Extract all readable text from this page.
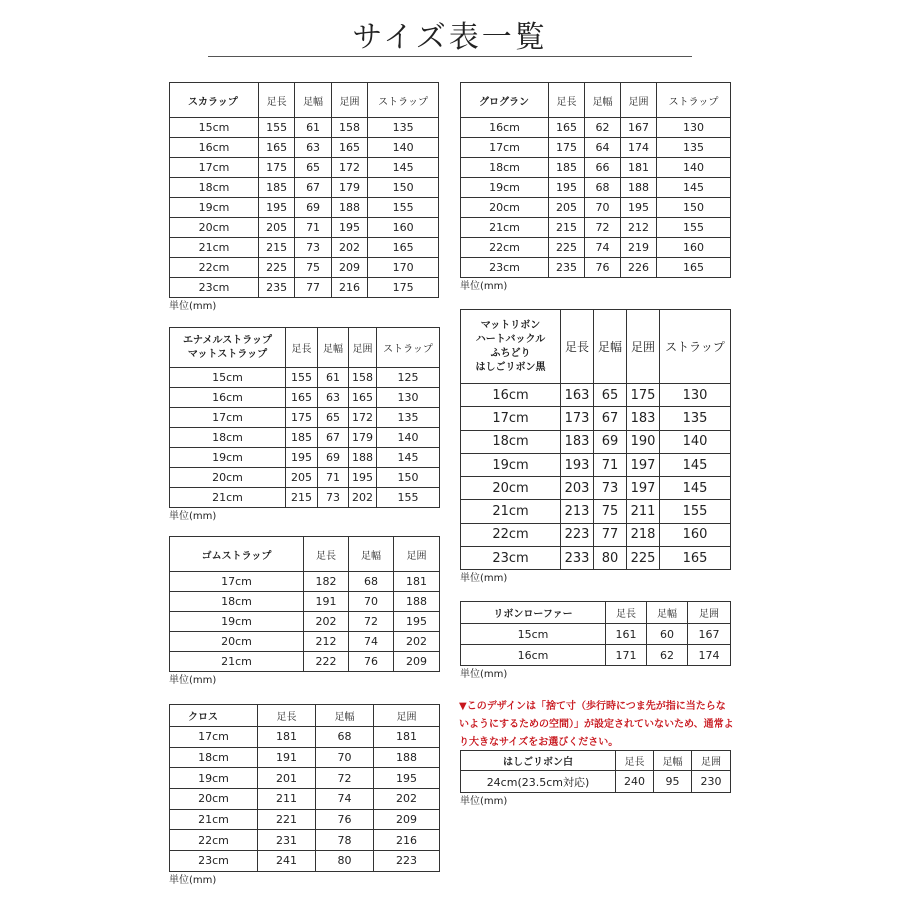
サイズ表一覧
スカラップ	足長	足幅	足囲	ストラップ
15cm	155	61	158	135
16cm	165	63	165	140
17cm	175	65	172	145
18cm	185	67	179	150
19cm	195	69	188	155
20cm	205	71	195	160
21cm	215	73	202	165
22cm	225	75	209	170
23cm	235	77	216	175
単位(mm)
エナメルストラップ
マットストラップ	足長	足幅	足囲	ストラップ
15cm	155	61	158	125
16cm	165	63	165	130
17cm	175	65	172	135
18cm	185	67	179	140
19cm	195	69	188	145
20cm	205	71	195	150
21cm	215	73	202	155
単位(mm)
ゴムストラップ	足長	足幅	足囲
17cm	182	68	181
18cm	191	70	188
19cm	202	72	195
20cm	212	74	202
21cm	222	76	209
単位(mm)
クロス	足長	足幅	足囲
17cm	181	68	181
18cm	191	70	188
19cm	201	72	195
20cm	211	74	202
21cm	221	76	209
22cm	231	78	216
23cm	241	80	223
単位(mm)
グログラン	足長	足幅	足囲	ストラップ
16cm	165	62	167	130
17cm	175	64	174	135
18cm	185	66	181	140
19cm	195	68	188	145
20cm	205	70	195	150
21cm	215	72	212	155
22cm	225	74	219	160
23cm	235	76	226	165
単位(mm)
マットリボン
ハートバックル
ふちどり
はしごリボン黒	足長	足幅	足囲	ストラップ
16cm	163	65	175	130
17cm	173	67	183	135
18cm	183	69	190	140
19cm	193	71	197	145
20cm	203	73	197	145
21cm	213	75	211	155
22cm	223	77	218	160
23cm	233	80	225	165
単位(mm)
リボンローファー	足長	足幅	足囲
15cm	161	60	167
16cm	171	62	174
単位(mm)
▼このデザインは「捨て寸（歩行時につま先が指に当たらないようにするための空間）」が設定されていないため、通常より大きなサイズをお選びください。
はしごリボン白	足長	足幅	足囲
24cm(23.5cm対応)	240	95	230
単位(mm)
